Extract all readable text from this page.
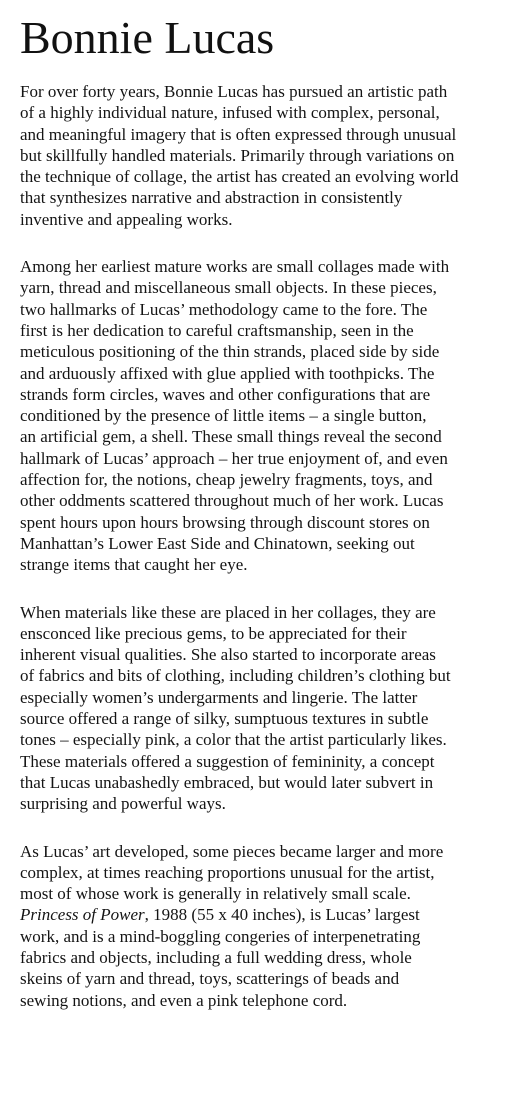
Bonnie Lucas
For over forty years, Bonnie Lucas has pursued an artistic path
of a highly individual nature, infused with complex, personal,
and meaningful imagery that is often expressed through unusual
but skillfully handled materials. Primarily through variations on
the technique of collage, the artist has created an evolving world
that synthesizes narrative and abstraction in consistently
inventive and appealing works.
Among her earliest mature works are small collages made with
yarn, thread and miscellaneous small objects. In these pieces,
two hallmarks of Lucas’ methodology came to the fore. The
first is her dedication to careful craftsmanship, seen in the
meticulous positioning of the thin strands, placed side by side
and arduously affixed with glue applied with toothpicks. The
strands form circles, waves and other configurations that are
conditioned by the presence of little items – a single button,
an artificial gem, a shell. These small things reveal the second
hallmark of Lucas’ approach – her true enjoyment of, and even
affection for, the notions, cheap jewelry fragments, toys, and
other oddments scattered throughout much of her work. Lucas
spent hours upon hours browsing through discount stores on
Manhattan’s Lower East Side and Chinatown, seeking out
strange items that caught her eye.
When materials like these are placed in her collages, they are
ensconced like precious gems, to be appreciated for their
inherent visual qualities. She also started to incorporate areas
of fabrics and bits of clothing, including children’s clothing but
especially women’s undergarments and lingerie. The latter
source offered a range of silky, sumptuous textures in subtle
tones – especially pink, a color that the artist particularly likes.
These materials offered a suggestion of femininity, a concept
that Lucas unabashedly embraced, but would later subvert in
surprising and powerful ways.
As Lucas’ art developed, some pieces became larger and more
complex, at times reaching proportions unusual for the artist,
most of whose work is generally in relatively small scale.
Princess of Power, 1988 (55 x 40 inches), is Lucas’ largest
work, and is a mind-boggling congeries of interpenetrating
fabrics and objects, including a full wedding dress, whole
skeins of yarn and thread, toys, scatterings of beads and
sewing notions, and even a pink telephone cord.
